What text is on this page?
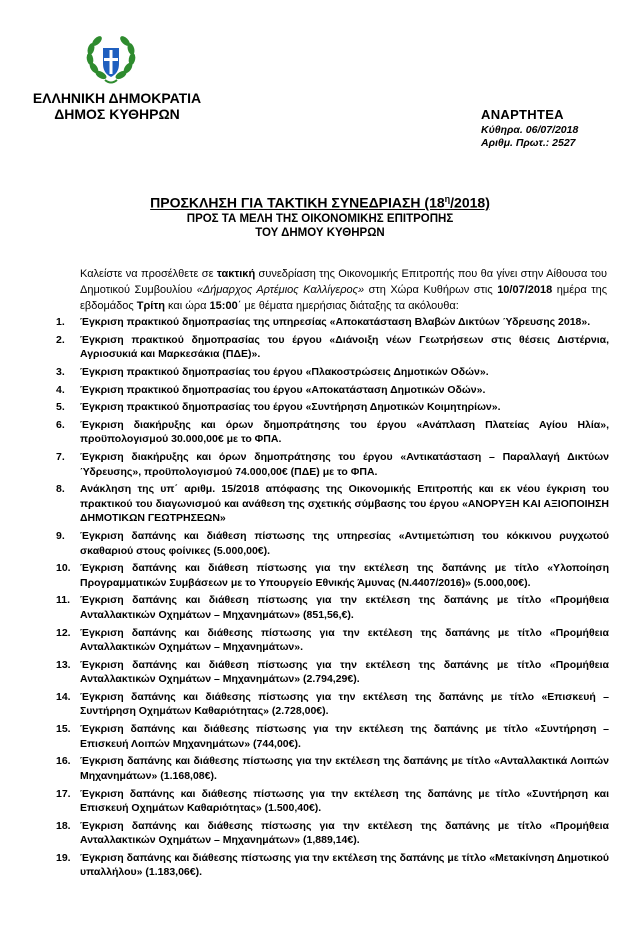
ΕΛΛΗΝΙΚΗ ΔΗΜΟΚΡΑΤΙΑ
ΔΗΜΟΣ ΚΥΘΗΡΩΝ	ΑΝΑΡΤΗΤΕΑ
Κύθηρα. 06/07/2018
Αριθμ. Πρωτ.: 2527
ΠΡΟΣΚΛΗΣΗ ΓΙΑ ΤΑΚΤΙΚΗ ΣΥΝΕΔΡΙΑΣΗ $(18^\eta/2018)$
ΠΡΟΣ ΤΑ ΜΕΛΗ ΤΗΣ ΟΙΚΟΝΟΜΙΚΗΣ ΕΠΙΤΡΟΠΗΣ
ΤΟΥ ΔΗΜΟΥ ΚΥΘΗΡΩΝ
Καλείστε να προσέλθετε σε τακτική συνεδρίαση της Οικονομικής Επιτροπής που θα γίνει στην Αίθουσα του Δημοτικού Συμβουλίου «Δήμαρχος Αρτέμιος Καλλίγερος» στη Χώρα Κυθήρων στις 10/07/2018 ημέρα της εβδομάδος Τρίτη και ώρα 15:00΄ με θέματα ημερήσιας διάταξης τα ακόλουθα:
1.	Έγκριση πρακτικού δημοπρασίας της υπηρεσίας «Αποκατάσταση Βλαβών Δικτύων Ύδρευσης 2018».
2.	Έγκριση πρακτικού δημοπρασίας του έργου «Διάνοιξη νέων Γεωτρήσεων στις θέσεις Διστέρνια, Αγριοσυκιά και Μαρκεσάκια (ΠΔΕ)».
3.	Έγκριση πρακτικού δημοπρασίας του έργου «Πλακοστρώσεις Δημοτικών Οδών».
4.	Έγκριση πρακτικού δημοπρασίας του έργου «Αποκατάσταση Δημοτικών Οδών».
5.	Έγκριση πρακτικού δημοπρασίας του έργου «Συντήρηση Δημοτικών Κοιμητηρίων».
6.	Έγκριση διακήρυξης και όρων δημοπράτησης του έργου «Ανάπλαση Πλατείας Αγίου Ηλία», προϋπολογισμού 30.000,00€ με το ΦΠΑ.
7.	Έγκριση διακήρυξης και όρων δημοπράτησης του έργου «Αντικατάσταση – Παραλλαγή Δικτύων Ύδρευσης», προϋπολογισμού 74.000,00€ (ΠΔΕ) με το ΦΠΑ.
8.	Ανάκληση της υπ΄ αριθμ. 15/2018 απόφασης της Οικονομικής Επιτροπής και εκ νέου έγκριση του πρακτικού του διαγωνισμού και ανάθεση της σχετικής σύμβασης του έργου «ΑΝΟΡΥΞΗ ΚΑΙ ΑΞΙΟΠΟΙΗΣΗ ΔΗΜΟΤΙΚΩΝ ΓΕΩΤΡΗΣΕΩΝ»
9.	Έγκριση δαπάνης και διάθεση πίστωσης της υπηρεσίας «Αντιμετώπιση του κόκκινου ρυγχωτού σκαθαριού στους φοίνικες (5.000,00€).
10. Έγκριση δαπάνης και διάθεση πίστωσης για την εκτέλεση της δαπάνης με τίτλο «Υλοποίηση Προγραμματικών Συμβάσεων με το Υπουργείο Εθνικής Άμυνας (Ν.4407/2016)» (5.000,00€).
11. Έγκριση δαπάνης και διάθεση πίστωσης για την εκτέλεση της δαπάνης με τίτλο «Προμήθεια Ανταλλακτικών Οχημάτων – Μηχανημάτων» (851,56,€).
12. Έγκριση δαπάνης και διάθεσης πίστωσης για την εκτέλεση της δαπάνης με τίτλο «Προμήθεια Ανταλλακτικών Οχημάτων – Μηχανημάτων».
13. Έγκριση δαπάνης και διάθεση πίστωσης για την εκτέλεση της δαπάνης με τίτλο «Προμήθεια Ανταλλακτικών Οχημάτων – Μηχανημάτων» (2.794,29€).
14. Έγκριση δαπάνης και διάθεσης πίστωσης για την εκτέλεση της δαπάνης με τίτλο «Επισκευή – Συντήρηση Οχημάτων Καθαριότητας» (2.728,00€).
15. Έγκριση δαπάνης και διάθεσης πίστωσης για την εκτέλεση της δαπάνης με τίτλο «Συντήρηση – Επισκευή Λοιπών Μηχανημάτων» (744,00€).
16. Έγκριση δαπάνης και διάθεσης πίστωσης για την εκτέλεση της δαπάνης με τίτλο «Ανταλλακτικά Λοιπών Μηχανημάτων» (1.168,08€).
17. Έγκριση δαπάνης και διάθεσης πίστωσης για την εκτέλεση της δαπάνης με τίτλο «Συντήρηση και Επισκευή Οχημάτων Καθαριότητας» (1.500,40€).
18. Έγκριση δαπάνης και διάθεσης πίστωσης για την εκτέλεση της δαπάνης με τίτλο «Προμήθεια Ανταλλακτικών Οχημάτων – Μηχανημάτων» (1,889,14€).
19. Έγκριση δαπάνης και διάθεσης πίστωσης για την εκτέλεση της δαπάνης με τίτλο «Μετακίνηση Δημοτικού υπαλλήλου» (1.183,06€).
